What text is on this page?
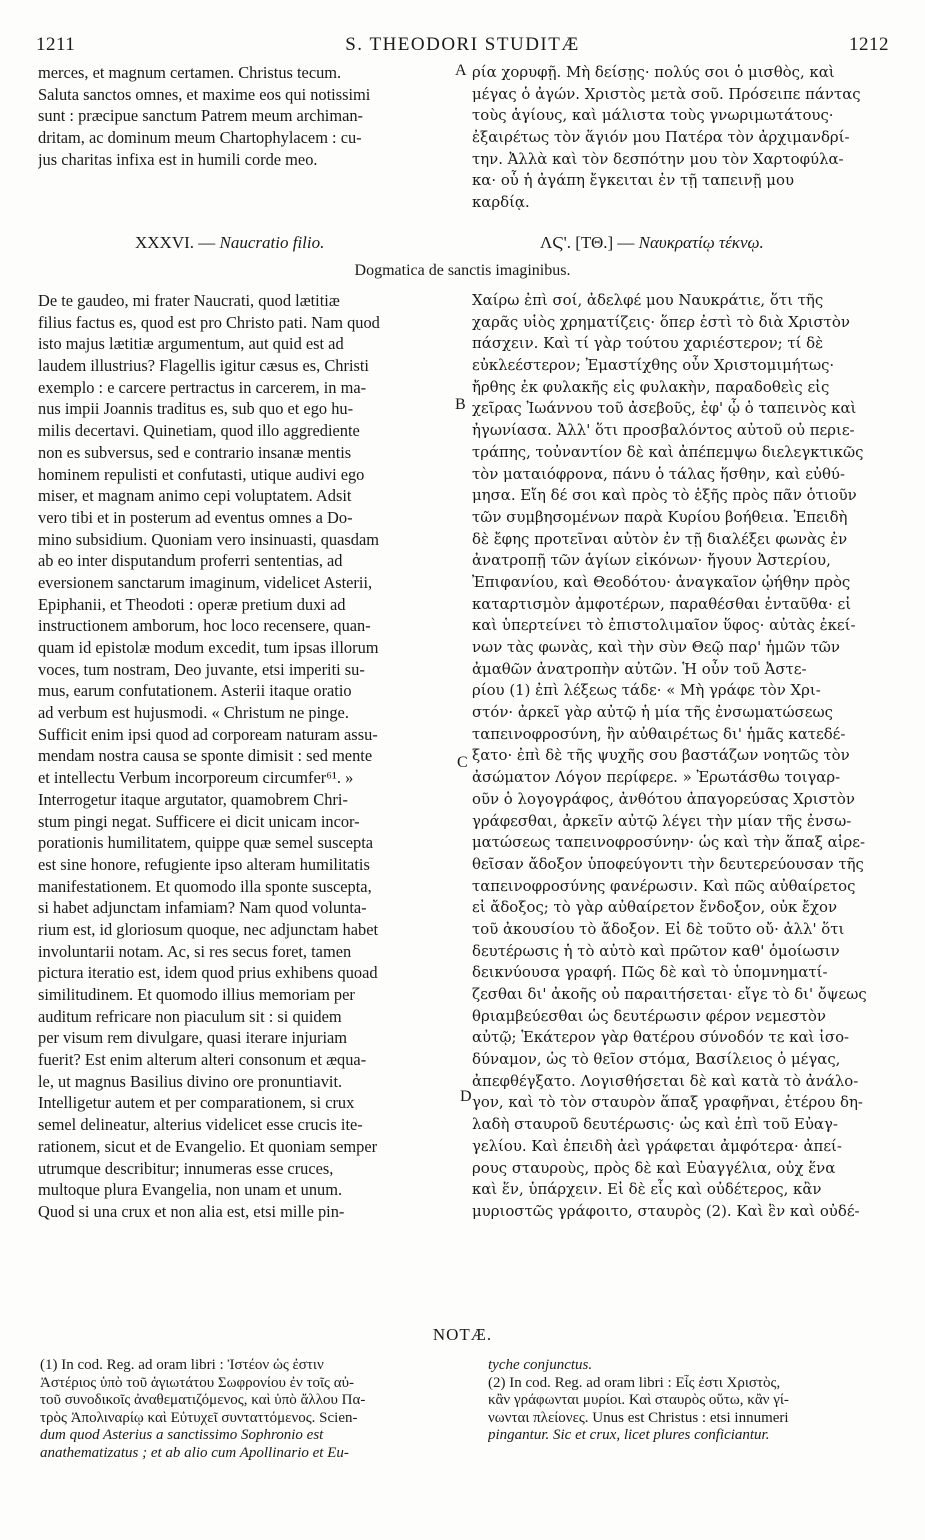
1211	S. THEODORI STUDITÆ	1212
merces, et magnum certamen. Christus tecum.
Saluta sanctos omnes, et maxime eos qui notissimi
sunt : præcipue sanctum Patrem meum archiman-
dritam, ac dominum meum Chartophylacem : cu-
jus charitas infixa est in humili corde meo.
ρία χορυφῇ. Μὴ δείσῃς· πολύς σοι ὁ μισθὸς, καὶ
μέγας ὁ ἀγών. Χριστὸς μετὰ σοῦ. Πρόσειπε πάντας
τοὺς ἁγίους, καὶ μάλιστα τοὺς γνωριμωτάτους·
ἐξαιρέτως τὸν ἅγιόν μου Πατέρα τὸν ἀρχιμανδρί-
την. Ἀλλὰ καὶ τὸν δεσπότην μου τὸν Χαρτοφύλα-
κα· οὗ ἡ ἀγάπη ἔγκειται ἐν τῇ ταπεινῇ μου
καρδίᾳ.
A
XXXVI. — Naucratio filio.	ΛϚ'. [ΤΘ.] — Ναυκρατίῳ τέκνῳ.
Dogmatica de sanctis imaginibus.
De te gaudeo, mi frater Naucrati, quod lætitiæ
filius factus es, quod est pro Christo pati. Nam quod
isto majus lætitiæ argumentum, aut quid est ad
laudem illustrius? Flagellis igitur cæsus es, Christi
exemplo : e carcere pertractus in carcerem, in ma-
nus impii Joannis traditus es, sub quo et ego hu-
milis decertavi. Quinetiam, quod illo aggrediente
non es subversus, sed e contrario insanæ mentis
hominem repulisti et confutasti, utique audivi ego
miser, et magnam animo cepi voluptatem. Adsit
vero tibi et in posterum ad eventus omnes a Do-
mino subsidium. Quoniam vero insinuasti, quasdam
ab eo inter disputandum proferri sententias, ad
eversionem sanctarum imaginum, videlicet Asterii,
Epiphanii, et Theodoti : operæ pretium duxi ad
instructionem amborum, hoc loco recensere, quan-
quam id epistolæ modum excedit, tum ipsas illorum
voces, tum nostram, Deo juvante, etsi imperiti su-
mus, earum confutationem. Asterii itaque oratio
ad verbum est hujusmodi. « Christum ne pinge.
Sufficit enim ipsi quod ad corpoream naturam assu-
mendam nostra causa se sponte dimisit : sed mente
et intellectu Verbum incorporeum circumfer⁶¹. »
Interrogetur itaque argutator, quamobrem Chri-
stum pingi negat. Sufficere ei dicit unicam incor-
porationis humilitatem, quippe quæ semel suscepta
est sine honore, refugiente ipso alteram humilitatis
manifestationem. Et quomodo illa sponte suscepta,
si habet adjunctam infamiam? Nam quod volunta-
rium est, id gloriosum quoque, nec adjunctam habet
involuntarii notam. Ac, si res secus foret, tamen
pictura iteratio est, idem quod prius exhibens quoad
similitudinem. Et quomodo illius memoriam per
auditum refricare non piaculum sit : si quidem
per visum rem divulgare, quasi iterare injuriam
fuerit? Est enim alterum alteri consonum et æqua-
le, ut magnus Basilius divino ore pronuntiavit.
Intelligetur autem et per comparationem, si crux
semel delineatur, alterius videlicet esse crucis ite-
rationem, sicut et de Evangelio. Et quoniam semper
utrumque describitur; innumeras esse cruces,
multoque plura Evangelia, non unam et unum.
Quod si una crux et non alia est, etsi mille pin-
Χαίρω ἐπὶ σοί, ἀδελφέ μου Ναυκράτιε, ὅτι τῆς
χαρᾶς υἱὸς χρηματίζεις· ὅπερ ἐστὶ τὸ διὰ Χριστὸν
πάσχειν. Καὶ τί γὰρ τούτου χαριέστερον; τί δὲ
εὐκλεέστερον; Ἐμαστίχθης οὖν Χριστομιμήτως·
ἤρθης ἐκ φυλακῆς εἰς φυλακὴν, παραδοθεὶς εἰς
χεῖρας Ἰωάννου τοῦ ἀσεβοῦς, ἐφ' ᾧ ὁ ταπεινὸς καὶ
ἠγωνίασα. Ἀλλ' ὅτι προσβαλόντος αὐτοῦ οὐ περιε-
τράπης, τοὐναντίον δὲ καὶ ἀπέπεμψω διελεγκτικῶς
τὸν ματαιόφρονα, πάνυ ὁ τάλας ἥσθην, καὶ εὐθύ-
μησα. Εἴη δέ σοι καὶ πρὸς τὸ ἑξῆς πρὸς πᾶν ὁτιοῦν
τῶν συμβησομένων παρὰ Κυρίου βοήθεια. Ἐπειδὴ
δὲ ἔφης προτεῖναι αὐτὸν ἐν τῇ διαλέξει φωνὰς ἐν
ἀνατροπῇ τῶν ἁγίων εἰκόνων· ἤγουν Ἀστερίου,
Ἐπιφανίου, καὶ Θεοδότου· ἀναγκαῖον ᾠήθην πρὸς
καταρτισμὸν ἀμφοτέρων, παραθέσθαι ἐνταῦθα· εἰ
καὶ ὑπερτείνει τὸ ἐπιστολιμαῖον ὕφος· αὐτὰς ἐκεί-
νων τὰς φωνὰς, καὶ τὴν σὺν Θεῷ παρ' ἡμῶν τῶν
ἀμαθῶν ἀνατροπὴν αὐτῶν. Ἡ οὖν τοῦ Ἀστε-
ρίου (1) ἐπὶ λέξεως τάδε· « Μὴ γράφε τὸν Χρι-
στόν· ἀρκεῖ γὰρ αὐτῷ ἡ μία τῆς ἐνσωματώσεως
ταπεινοφροσύνη, ἣν αὐθαιρέτως δι' ἡμᾶς κατεδέ-
ξατο· ἐπὶ δὲ τῆς ψυχῆς σου βαστάζων νοητῶς τὸν
ἀσώματον Λόγον περίφερε. » Ἐρωτάσθω τοιγαρ-
οῦν ὁ λογογράφος, ἀνθότου ἀπαγορεύσας Χριστὸν
γράφεσθαι, ἀρκεῖν αὐτῷ λέγει τὴν μίαν τῆς ἐνσω-
ματώσεως ταπεινοφροσύνην· ὡς καὶ τὴν ἅπαξ αἱρε-
θεῖσαν ἄδοξον ὑποφεύγοντι τὴν δευτερεύουσαν τῆς
ταπεινοφροσύνης φανέρωσιν. Καὶ πῶς αὐθαίρετος
εἰ ἄδοξος; τὸ γὰρ αὐθαίρετον ἔνδοξον, οὐκ ἔχον
τοῦ ἀκουσίου τὸ ἄδοξον. Εἰ δὲ τοῦτο οὔ· ἀλλ' ὅτι
δευτέρωσις ἡ τὸ αὐτὸ καὶ πρῶτον καθ' ὁμοίωσιν
δεικνύουσα γραφή. Πῶς δὲ καὶ τὸ ὑπομνηματί-
ζεσθαι δι' ἀκοῆς οὐ παραιτήσεται· εἴγε τὸ δι' ὄψεως
θριαμβεύεσθαι ὡς δευτέρωσιν φέρον νεμεστὸν
αὐτῷ; Ἑκάτερον γὰρ θατέρου σύνοδόν τε καὶ ἰσο-
δύναμον, ὡς τὸ θεῖον στόμα, Βασίλειος ὁ μέγας,
ἀπεφθέγξατο. Λογισθήσεται δὲ καὶ κατὰ τὸ ἀνάλο-
γον, καὶ τὸ τὸν σταυρὸν ἅπαξ γραφῆναι, ἑτέρου δη-
λαδὴ σταυροῦ δευτέρωσις· ὡς καὶ ἐπὶ τοῦ Εὐαγ-
γελίου. Καὶ ἐπειδὴ ἀεὶ γράφεται ἀμφότερα· ἀπεί-
ρους σταυροὺς, πρὸς δὲ καὶ Εὐαγγέλια, οὐχ ἕνα
καὶ ἕν, ὑπάρχειν. Εἰ δὲ εἷς καὶ οὐδέτερος, κἂν
μυριοστῶς γράφοιτο, σταυρὸς (2). Καὶ ἓν καὶ οὐδέ-
B
C
D
NOTÆ.
(1) In cod. Reg. ad oram libri : Ἰστέον ὡς ἐστιν
Ἀστέριος ὑπὸ τοῦ ἁγιωτάτου Σωφρονίου ἐν τοῖς αὐ-
τοῦ συνοδικοῖς ἀναθεματιζόμενος, καὶ ὑπὸ ἄλλου Πα-
τρὸς Ἀπολιναρίῳ καὶ Εὐτυχεῖ συνταττόμενος. Scien-
dum quod Asterius a sanctissimo Sophronio est
anathematizatus ; et ab alio cum Apollinario et Eu-
tyche conjunctus.
(2) In cod. Reg. ad oram libri : Εἷς ἐστι Χριστὸς,
κἂν γράφωνται μυρίοι. Καὶ σταυρὸς οὕτω, κἂν γί-
νωνται πλείονες. Unus est Christus : etsi innumeri
pingantur. Sic et crux, licet plures conficiantur.
